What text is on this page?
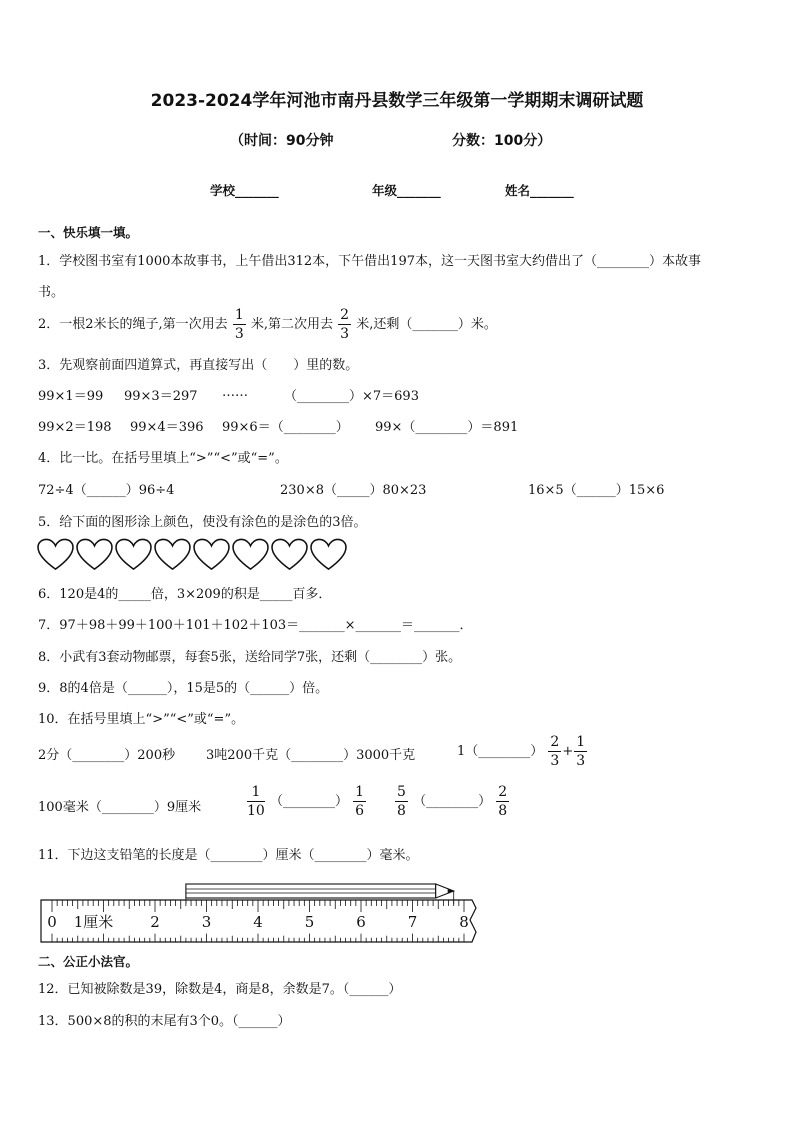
2023-2024学年河池市南丹县数学三年级第一学期期末调研试题
（时间：90分钟	分数：100分）
学校_______	年级_______	姓名_______
一、快乐填一填。
1．学校图书室有1000本故事书，上午借出312本，下午借出197本，这一天图书室大约借出了（________）本故事
书。
2．一根2米长的绳子,第一次用去 $\frac{1}{3}$ 米,第二次用去 $\frac{2}{3}$ 米,还剩（_______）米。
3．先观察前面四道算式，再直接写出（　　）里的数。
99×1＝99 99×3＝297 ……	（________）×7＝693
99×2＝198 99×4＝396 99×6＝（________） 99×（________）＝891
4．比一比。在括号里填上“>”“<”或“=”。
72÷4（______）96÷4	230×8（_____）80×23	16×5（______）15×6
5．给下面的图形涂上颜色，使没有涂色的是涂色的3倍。
6．120是4的_____倍，3×209的积是_____百多．
7．97＋98＋99＋100＋101＋102＋103＝_______×_______＝_______．
8．小武有3套动物邮票，每套5张，送给同学7张，还剩（________）张。
9．8的4倍是（______），15是5的（______）倍。
10．在括号里填上“>”“<”或“=”。
2分（________）200秒 3吨200千克（________）3000千克	1（________） $\frac{2}{3} + \frac{1}{3}$
100毫米（________）9厘米	$\frac{1}{10}$ （________） $\frac{1}{6} \frac{5}{8}$ （________） $\frac{2}{8}$
11．下边这支铅笔的长度是（________）厘米（________）毫米。
0 1厘米 2	3	4	5	6	7	8
二、公正小法官。
12．已知被除数是39，除数是4，商是8，余数是7。（______）
13．500×8的积的末尾有3个0。（______）
